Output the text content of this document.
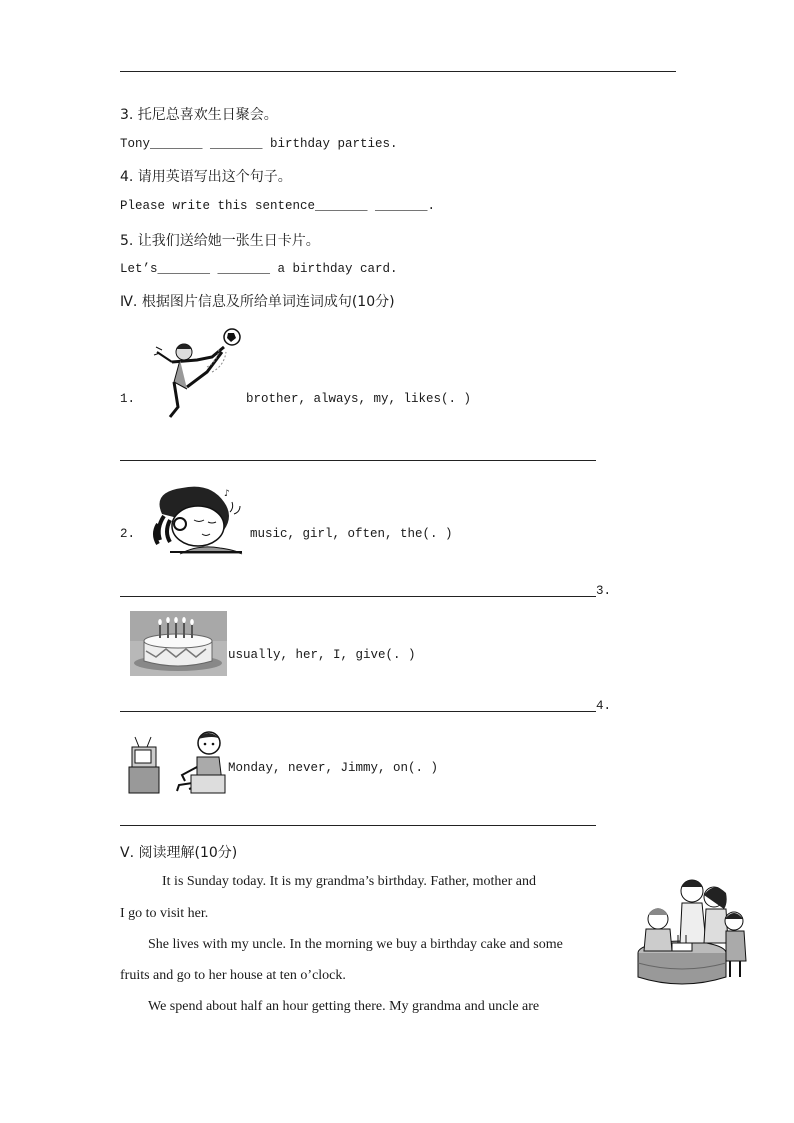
3. 托尼总喜欢生日聚会。
Tony_______ _______ birthday parties.
4. 请用英语写出这个句子。
Please write this sentence_______ _______.
5. 让我们送给她一张生日卡片。
Let’s_______ _______ a birthday card.
Ⅳ. 根据图片信息及所给单词连词成句(10分)
1.	brother, always, my, likes(. )
2.
♪
music, girl, often, the(. )
3.
usually, her, I, give(. )
4.
Monday, never, Jimmy, on(. )
Ⅴ. 阅读理解(10分)
It is Sunday today. It is my grandma’s birthday. Father, mother and
I go to visit her.
She lives with my uncle. In the morning we buy a birthday cake and some
fruits and go to her house at ten o’clock.
We spend about half an hour getting there. My grandma and uncle are
